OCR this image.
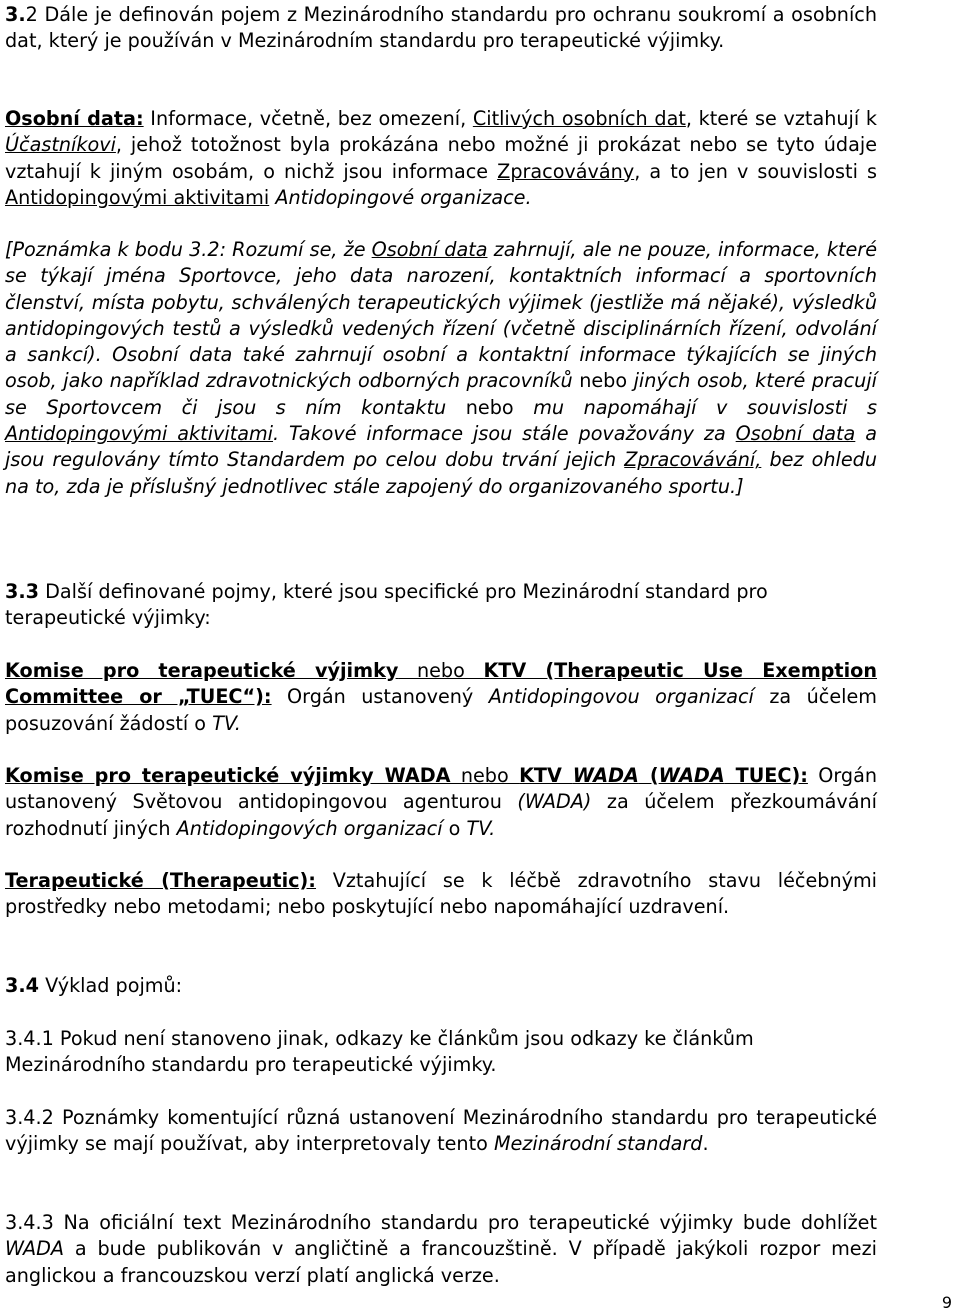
3.2 Dále je definován pojem z Mezinárodního standardu pro ochranu soukromí a osobních dat, který je používán v Mezinárodním standardu pro terapeutické výjimky.

Osobní data: Informace, včetně, bez omezení, Citlivých osobních dat, které se vztahují k Účastníkovi, jehož totožnost byla prokázána nebo možné ji prokázat nebo se tyto údaje vztahují k jiným osobám, o nichž jsou informace Zpracovávány, a to jen v souvislosti s Antidopingovými aktivitami Antidopingové organizace.

[Poznámka k bodu 3.2: Rozumí se, že Osobní data zahrnují, ale ne pouze, informace, které se týkají jména Sportovce, jeho data narození, kontaktních informací a sportovních členství, místa pobytu, schválených terapeutických výjimek (jestliže má nějaké), výsledků antidopingových testů a výsledků vedených řízení (včetně disciplinárních řízení, odvolání a sankcí). Osobní data také zahrnují osobní a kontaktní informace týkajících se jiných osob, jako například zdravotnických odborných pracovníků nebo jiných osob, které pracují se Sportovcem či jsou s ním kontaktu nebo mu napomáhají v souvislosti s Antidopingovými aktivitami. Takové informace jsou stále považovány za Osobní data a jsou regulovány tímto Standardem po celou dobu trvání jejich Zpracovávání, bez ohledu na to, zda je příslušný jednotlivec stále zapojený do organizovaného sportu.]

3.3 Další definované pojmy, které jsou specifické pro Mezinárodní standard pro terapeutické výjimky:

Komise pro terapeutické výjimky nebo KTV (Therapeutic Use Exemption Committee or „TUEC“): Orgán ustanovený Antidopingovou organizací za účelem posuzování žádostí o TV.

Komise pro terapeutické výjimky WADA nebo KTV WADA (WADA TUEC): Orgán ustanovený Světovou antidopingovou agenturou (WADA) za účelem přezkoumávání rozhodnutí jiných Antidopingových organizací o TV.

Terapeutické (Therapeutic): Vztahující se k léčbě zdravotního stavu léčebnými prostředky nebo metodami; nebo poskytující nebo napomáhající uzdravení.

3.4 Výklad pojmů:

3.4.1 Pokud není stanoveno jinak, odkazy ke článkům jsou odkazy ke článkům Mezinárodního standardu pro terapeutické výjimky.

3.4.2 Poznámky komentující různá ustanovení Mezinárodního standardu pro terapeutické výjimky se mají používat, aby interpretovaly tento Mezinárodní standard.

3.4.3 Na oficiální text Mezinárodního standardu pro terapeutické výjimky bude dohlížet WADA a bude publikován v angličtině a francouzštině. V případě jakýkoli rozpor mezi anglickou a francouzskou verzí platí anglická verze.

9
